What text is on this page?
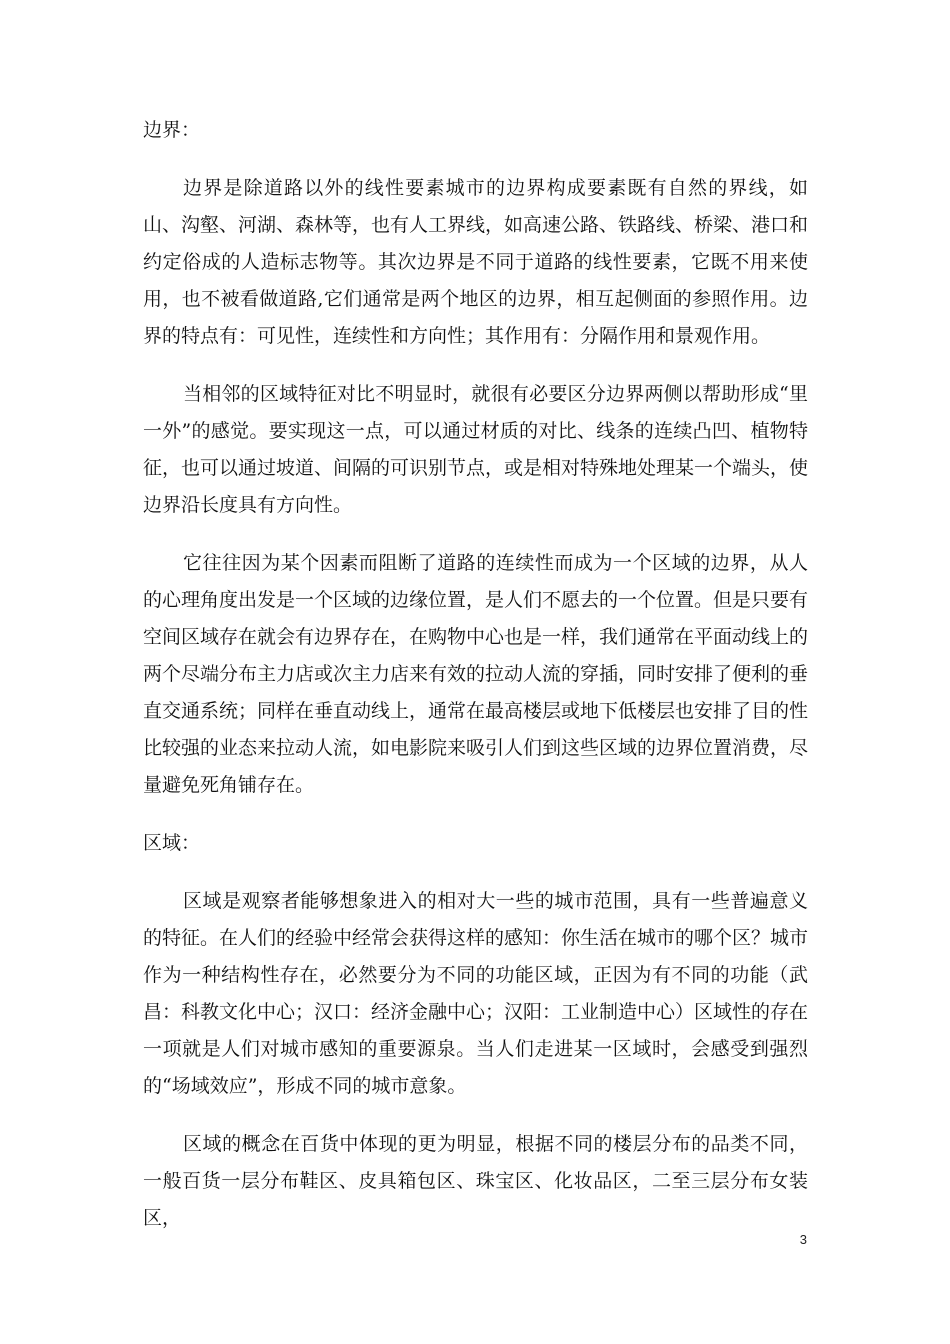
边界：

边界是除道路以外的线性要素城市的边界构成要素既有自然的界线，如山、沟壑、河湖、森林等，也有人工界线，如高速公路、铁路线、桥梁、港口和约定俗成的人造标志物等。其次边界是不同于道路的线性要素，它既不用来使用，也不被看做道路,它们通常是两个地区的边界，相互起侧面的参照作用。边界的特点有：可见性，连续性和方向性；其作用有：分隔作用和景观作用。

当相邻的区域特征对比不明显时，就很有必要区分边界两侧以帮助形成“里一外”的感觉。要实现这一点，可以通过材质的对比、线条的连续凸凹、植物特征，也可以通过坡道、间隔的可识别节点，或是相对特殊地处理某一个端头，使边界沿长度具有方向性。

它往往因为某个因素而阻断了道路的连续性而成为一个区域的边界，从人的心理角度出发是一个区域的边缘位置，是人们不愿去的一个位置。但是只要有空间区域存在就会有边界存在，在购物中心也是一样，我们通常在平面动线上的两个尽端分布主力店或次主力店来有效的拉动人流的穿插，同时安排了便利的垂直交通系统；同样在垂直动线上，通常在最高楼层或地下低楼层也安排了目的性比较强的业态来拉动人流，如电影院来吸引人们到这些区域的边界位置消费，尽量避免死角铺存在。

区域：

区域是观察者能够想象进入的相对大一些的城市范围，具有一些普遍意义的特征。在人们的经验中经常会获得这样的感知：你生活在城市的哪个区？城市作为一种结构性存在，必然要分为不同的功能区域，正因为有不同的功能（武昌：科教文化中心；汉口：经济金融中心；汉阳：工业制造中心）区域性的存在一项就是人们对城市感知的重要源泉。当人们走进某一区域时，会感受到强烈的“场域效应”，形成不同的城市意象。

区域的概念在百货中体现的更为明显，根据不同的楼层分布的品类不同，一般百货一层分布鞋区、皮具箱包区、珠宝区、化妆品区，二至三层分布女装区，

3
